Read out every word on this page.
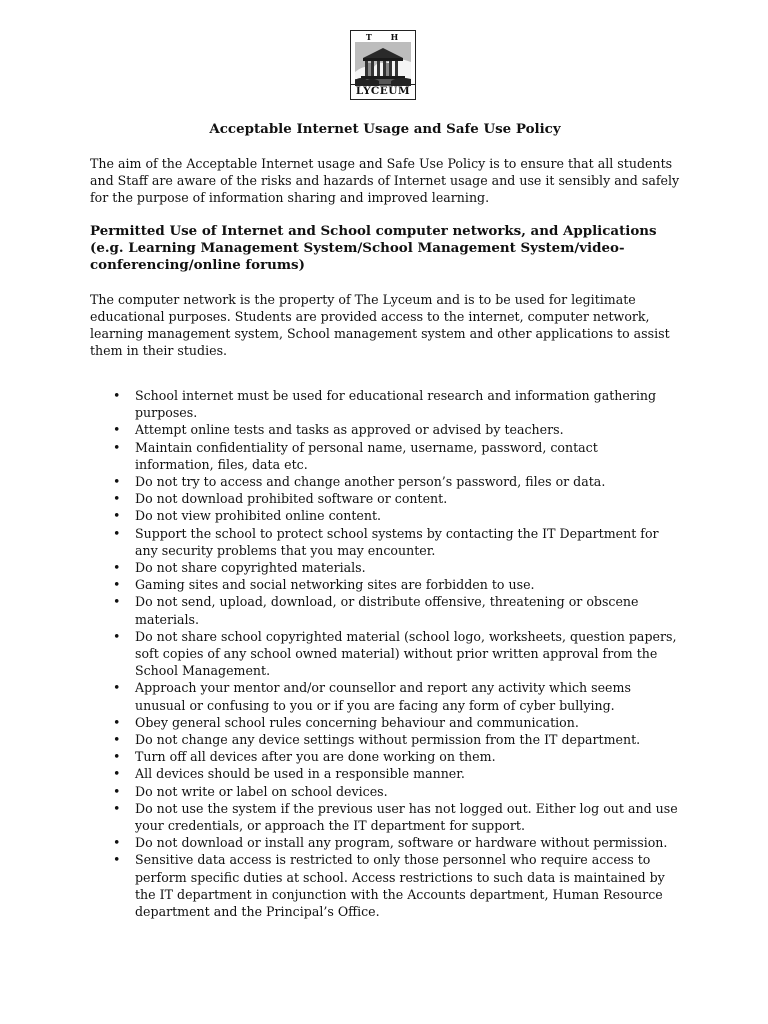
T H
LYCEUM
Acceptable Internet Usage and Safe Use Policy

The aim of the Acceptable Internet usage and Safe Use Policy is to ensure that all students and Staff are aware of the risks and hazards of Internet usage and use it sensibly and safely for the purpose of information sharing and improved learning.

Permitted Use of Internet and School computer networks, and Applications (e.g. Learning Management System/School Management System/video-conferencing/online forums)

The computer network is the property of The Lyceum and is to be used for legitimate educational purposes. Students are provided access to the internet, computer network, learning management system, School management system and other applications to assist them in their studies.

• School internet must be used for educational research and information gathering purposes.
• Attempt online tests and tasks as approved or advised by teachers.
• Maintain confidentiality of personal name, username, password, contact information, files, data etc.
• Do not try to access and change another person’s password, files or data.
• Do not download prohibited software or content.
• Do not view prohibited online content.
• Support the school to protect school systems by contacting the IT Department for any security problems that you may encounter.
• Do not share copyrighted materials.
• Gaming sites and social networking sites are forbidden to use.
• Do not send, upload, download, or distribute offensive, threatening or obscene materials.
• Do not share school copyrighted material (school logo, worksheets, question papers, soft copies of any school owned material) without prior written approval from the School Management.
• Approach your mentor and/or counsellor and report any activity which seems unusual or confusing to you or if you are facing any form of cyber bullying.
• Obey general school rules concerning behaviour and communication.
• Do not change any device settings without permission from the IT department.
• Turn off all devices after you are done working on them.
• All devices should be used in a responsible manner.
• Do not write or label on school devices.
• Do not use the system if the previous user has not logged out. Either log out and use your credentials, or approach the IT department for support.
• Do not download or install any program, software or hardware without permission.
• Sensitive data access is restricted to only those personnel who require access to perform specific duties at school. Access restrictions to such data is maintained by the IT department in conjunction with the Accounts department, Human Resource department and the Principal’s Office.
